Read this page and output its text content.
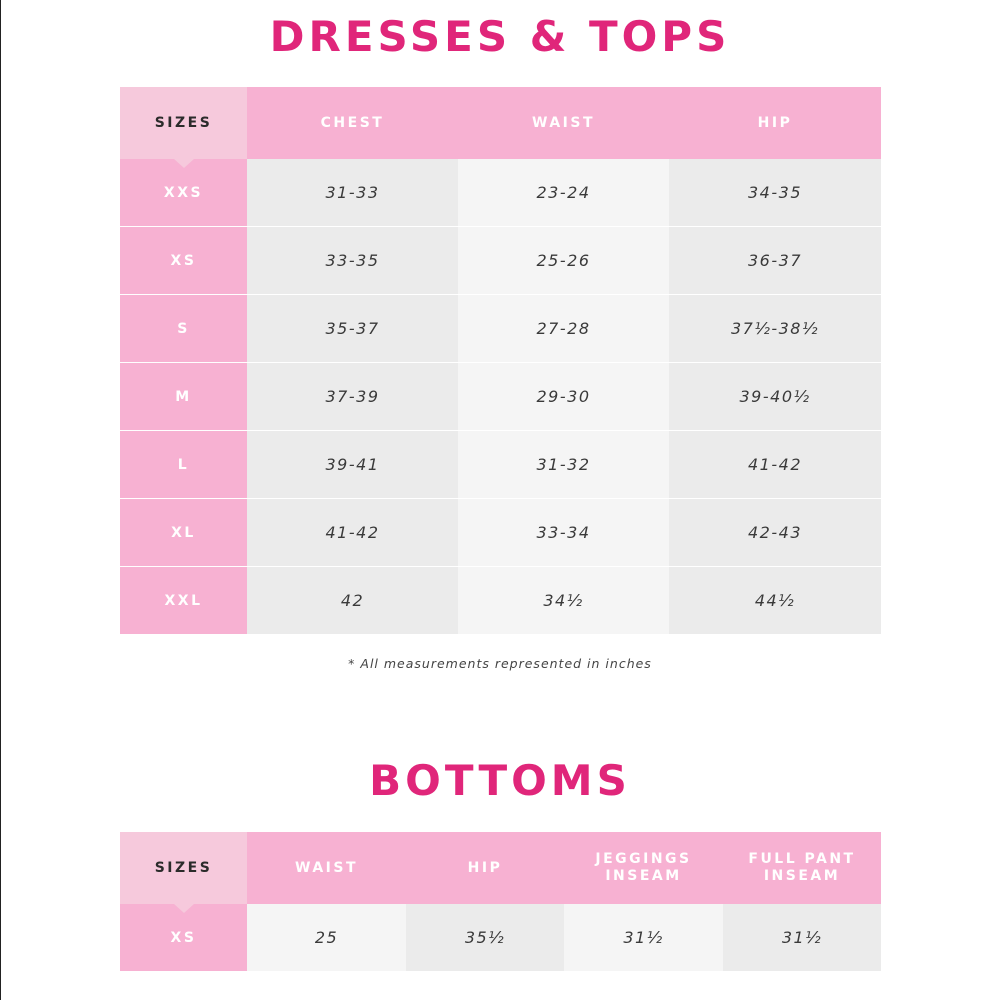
DRESSES & TOPS
SIZES	CHEST	WAIST	HIP
XXS	31-33	23-24	34-35
XS	33-35	25-26	36-37
S	35-37	27-28	37½-38½
M	37-39	29-30	39-40½
L	39-41	31-32	41-42
XL	41-42	33-34	42-43
XXL	42	34½	44½
* All measurements represented in inches
BOTTOMS
SIZES	WAIST	HIP	JEGGINGS INSEAM	FULL PANT INSEAM
XS	25	35½	31½	31½
